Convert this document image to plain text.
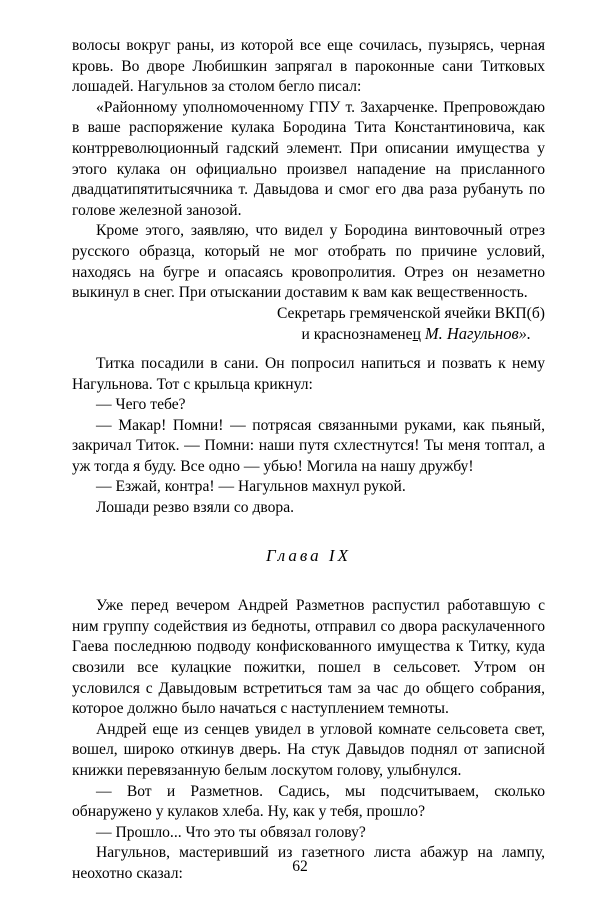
волосы вокруг раны, из которой все еще сочилась, пузырясь, черная кровь. Во дворе Любишкин запрягал в пароконные сани Титковых лошадей. Нагульнов за столом бегло писал:

«Районному уполномоченному ГПУ т. Захарченке. Препровождаю в ваше распоряжение кулака Бородина Тита Константиновича, как контрреволюционный гадский элемент. При описании имущества у этого кулака он официально произвел нападение на присланного двадцатипятитысячника т. Давыдова и смог его два раза рубануть по голове железной занозой.

Кроме этого, заявляю, что видел у Бородина винтовочный отрез русского образца, который не мог отобрать по причине условий, находясь на бугре и опасаясь кровопролития. Отрез он незаметно выкинул в снег. При отыскании доставим к вам как вещественность.

Секретарь гремяченской ячейки ВКП(б)
и краснознаменец М. Нагульнов».

Титка посадили в сани. Он попросил напиться и позвать к нему Нагульнова. Тот с крыльца крикнул:

— Чего тебе?

— Макар! Помни! — потрясая связанными руками, как пьяный, закричал Титок. — Помни: наши путя схлестнутся! Ты меня топтал, а уж тогда я буду. Все одно — убью! Могила на нашу дружбу!

— Езжай, контра! — Нагульнов махнул рукой.

Лошади резво взяли со двора.

Глава IX

Уже перед вечером Андрей Разметнов распустил работавшую с ним группу содействия из бедноты, отправил со двора раскулаченного Гаева последнюю подводу конфискованного имущества к Титку, куда свозили все кулацкие пожитки, пошел в сельсовет. Утром он условился с Давыдовым встретиться там за час до общего собрания, которое должно было начаться с наступлением темноты.

Андрей еще из сенцев увидел в угловой комнате сельсовета свет, вошел, широко откинув дверь. На стук Давыдов поднял от записной книжки перевязанную белым лоскутом голову, улыбнулся.

— Вот и Разметнов. Садись, мы подсчитываем, сколько обнаружено у кулаков хлеба. Ну, как у тебя, прошло?

— Прошло... Что это ты обвязал голову?

Нагульнов, мастеривший из газетного листа абажур на лампу, неохотно сказал:	62
